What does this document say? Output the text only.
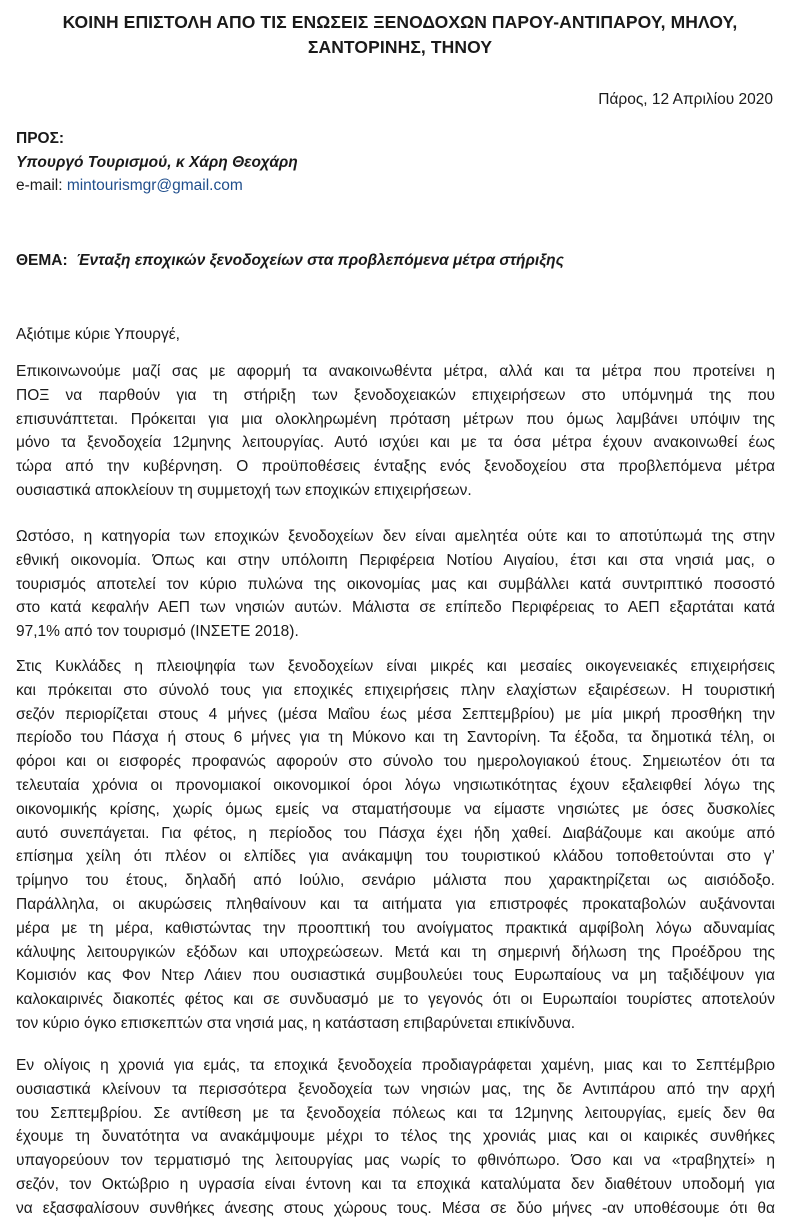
ΚΟΙΝΗ ΕΠΙΣΤΟΛΗ ΑΠΟ ΤΙΣ ΕΝΩΣΕΙΣ ΞΕΝΟΔΟΧΩΝ ΠΑΡΟΥ-ΑΝΤΙΠΑΡΟΥ, ΜΗΛΟΥ, ΣΑΝΤΟΡΙΝΗΣ, ΤΗΝΟΥ
Πάρος, 12 Απριλίου 2020
ΠΡΟΣ:
Υπουργό Τουρισμού, κ Χάρη Θεοχάρη
e-mail: mintourismgr@gmail.com
ΘΕΜΑ:  Ένταξη εποχικών ξενοδοχείων στα προβλεπόμενα μέτρα στήριξης
Αξιότιμε κύριε Υπουργέ,
Επικοινωνούμε μαζί σας με αφορμή τα ανακοινωθέντα μέτρα, αλλά και τα μέτρα που προτείνει η
ΠΟΞ να παρθούν για τη στήριξη των ξενοδοχειακών επιχειρήσεων στο υπόμνημά της που
επισυνάπτεται. Πρόκειται για μια ολοκληρωμένη πρόταση μέτρων που όμως λαμβάνει υπόψιν της
μόνο τα ξενοδοχεία 12μηνης λειτουργίας. Αυτό ισχύει και με τα όσα μέτρα έχουν ανακοινωθεί έως
τώρα από την κυβέρνηση. Ο προϋποθέσεις ένταξης ενός ξενοδοχείου στα προβλεπόμενα μέτρα
ουσιαστικά αποκλείουν τη συμμετοχή των εποχικών επιχειρήσεων.
Ωστόσο, η κατηγορία των εποχικών ξενοδοχείων δεν είναι αμελητέα ούτε και το αποτύπωμά της στην
εθνική οικονομία. Όπως και στην υπόλοιπη Περιφέρεια Νοτίου Αιγαίου, έτσι και στα νησιά μας, ο
τουρισμός αποτελεί τον κύριο πυλώνα της οικονομίας μας και συμβάλλει κατά συντριπτικό ποσοστό
στο κατά κεφαλήν ΑΕΠ των νησιών αυτών. Μάλιστα σε επίπεδο Περιφέρειας το ΑΕΠ εξαρτάται κατά
97,1% από τον τουρισμό (ΙΝΣΕΤΕ 2018).
Στις Κυκλάδες η πλειοψηφία των ξενοδοχείων είναι μικρές και μεσαίες οικογενειακές επιχειρήσεις
και πρόκειται στο σύνολό τους για εποχικές επιχειρήσεις πλην ελαχίστων εξαιρέσεων. Η τουριστική
σεζόν περιορίζεται στους 4 μήνες (μέσα Μαΐου έως μέσα Σεπτεμβρίου) με μία μικρή προσθήκη την
περίοδο του Πάσχα ή στους 6 μήνες για τη Μύκονο και τη Σαντορίνη. Τα έξοδα, τα δημοτικά τέλη, οι
φόροι και οι εισφορές προφανώς αφορούν στο σύνολο του ημερολογιακού έτους. Σημειωτέον ότι τα
τελευταία χρόνια οι προνομιακοί οικονομικοί όροι λόγω νησιωτικότητας έχουν εξαλειφθεί λόγω της
οικονομικής κρίσης, χωρίς όμως εμείς να σταματήσουμε να είμαστε νησιώτες με όσες δυσκολίες
αυτό συνεπάγεται. Για φέτος, η περίοδος του Πάσχα έχει ήδη χαθεί. Διαβάζουμε και ακούμε από
επίσημα χείλη ότι πλέον οι ελπίδες για ανάκαμψη του τουριστικού κλάδου τοποθετούνται στο γ’
τρίμηνο του έτους, δηλαδή από Ιούλιο, σενάριο μάλιστα που χαρακτηρίζεται ως αισιόδοξο.
Παράλληλα, οι ακυρώσεις πληθαίνουν και τα αιτήματα για επιστροφές προκαταβολών αυξάνονται
μέρα με τη μέρα, καθιστώντας την προοπτική του ανοίγματος πρακτικά αμφίβολη λόγω αδυναμίας
κάλυψης λειτουργικών εξόδων και υποχρεώσεων. Μετά και τη σημερινή δήλωση της Προέδρου της
Κομισιόν κας Φον Ντερ Λάιεν που ουσιαστικά συμβουλεύει τους Ευρωπαίους να μη ταξιδέψουν για
καλοκαιρινές διακοπές φέτος και σε συνδυασμό με το γεγονός ότι οι Ευρωπαίοι τουρίστες αποτελούν
τον κύριο όγκο επισκεπτών στα νησιά μας, η κατάσταση επιβαρύνεται επικίνδυνα.
Εν ολίγοις η χρονιά για εμάς, τα εποχικά ξενοδοχεία προδιαγράφεται χαμένη, μιας και το Σεπτέμβριο
ουσιαστικά κλείνουν τα περισσότερα ξενοδοχεία των νησιών μας, της δε Αντιπάρου από την αρχή
του Σεπτεμβρίου. Σε αντίθεση με τα ξενοδοχεία πόλεως και τα 12μηνης λειτουργίας, εμείς δεν θα
έχουμε τη δυνατότητα να ανακάμψουμε μέχρι το τέλος της χρονιάς μιας και οι καιρικές συνθήκες
υπαγορεύουν τον τερματισμό της λειτουργίας μας νωρίς το φθινόπωρο. Όσο και να «τραβηχτεί» η
σεζόν, τον Οκτώβριο η υγρασία είναι έντονη και τα εποχικά καταλύματα δεν διαθέτουν υποδομή για
να εξασφαλίσουν συνθήκες άνεσης στους χώρους τους. Μέσα σε δύο μήνες -αν υποθέσουμε ότι θα
